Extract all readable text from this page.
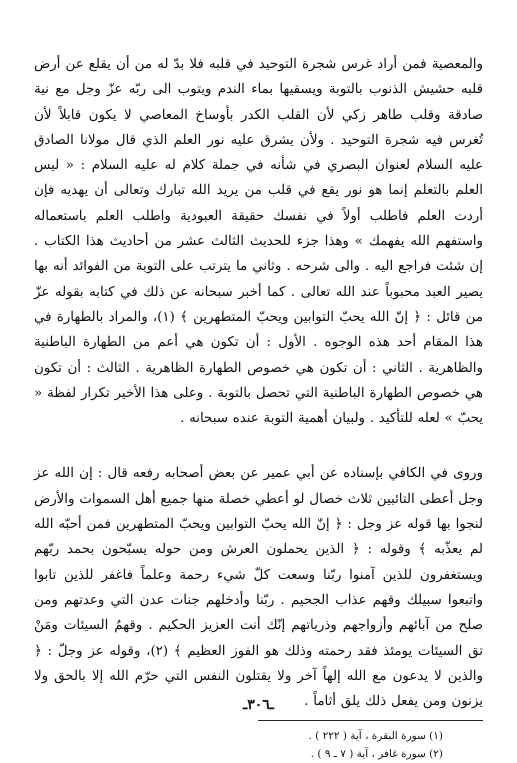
والمعصية فمن أراد غرس شجرة التوحيد في قلبه فلا بدّ له من أن يقلع عن أرض قلبه حشيش الذنوب بالتوبة ويسقيها بماء الندم ويتوب الى ربّه عزّ وجل مع نية صادقة وقلب طاهر زكي لأن القلب الكدر بأوساخ المعاصي لا يكون قابلاً لأن تُغرس فيه شجرة التوحيد . ولأن يشرق عليه نور العلم الذي قال مولانا الصادق عليه السلام لعنوان البصري في شأنه في جملة كلام له عليه السلام : « ليس العلم بالتعلم إنما هو نور يقع في قلب من يريد الله تبارك وتعالى أن يهديه فإن أردت العلم فاطلب أولاً في نفسك حقيقة العبودية واطلب العلم باستعماله واستفهم الله يفهمك » وهذا جزء للحديث الثالث عشر من أحاديث هذا الكتاب . إن شئت فراجع اليه . والى شرحه . وثاني ما يترتب على التوبة من الفوائد أنه بها يصير العبد محبوباً عند الله تعالى . كما أخبر سبحانه عن ذلك في كتابه بقوله عزّ من قائل : ﴿ إنّ الله يحبّ التوابين ويحبّ المتطهرين ﴾ (١)، والمراد بالطهارة في هذا المقام أحد هذه الوجوه . الأول : أن تكون هي أعم من الطهارة الباطنية والظاهرية . الثاني : أن تكون هي خصوص الطهارة الظاهرية . الثالث : أن تكون هي خصوص الطهارة الباطنية التي تحصل بالتوبة . وعلى هذا الأخير تكرار لفظة « يحبّ » لعله للتأكيد . ولبيان أهمية التوبة عنده سبحانه .

وروى في الكافي بإسناده عن أبي عمير عن بعض أصحابه رفعه قال : إن الله عز وجل أعطى التائبين ثلاث خصال لو أعطي خصلة منها جميع أهل السموات والأرض لنجوا بها قوله عز وجل : ﴿ إنّ الله يحبّ التوابين ويحبّ المتطهرين فمن أحبّه الله لم يعذّبه ﴾ وقوله : ﴿ الذين يحملون العرش ومن حوله يسبّحون بحمد ربّهم ويستغفرون للذين آمنوا ربّنا وسعت كلّ شيء رحمة وعلماً فاغفر للذين تابوا واتبعوا سبيلك وقهم عذاب الجحيم . ربّنا وأدخلهم جنات عدن التي وعدتهم ومن صلح من آبائهم وأزواجهم وذرياتهم إنّك أنت العزيز الحكيم . وقهمُ السيئات ومَنْ تق السيئات يومئذ فقد رحمته وذلك هو الفوز العظيم ﴾ (٢)، وقوله عز وجلّ : ﴿ والذين لا يدعون مع الله إلهاً آخر ولا يقتلون النفس التي حرّم الله إلا بالحق ولا يزنون ومن يفعل ذلك يلق أثاماً .

(١) سورة البقرة ، آية ( ٢٢٢ ) .

(٢) سورة غافر ، آية ( ٧ ـ ٩ ) .

ـ٣٠٦ـ
